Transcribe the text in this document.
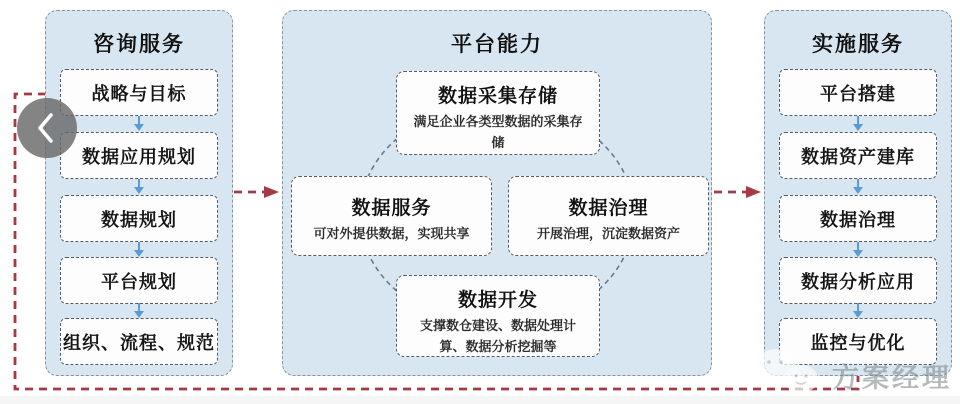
咨询服务
战略与目标
数据应用规划
数据规划
平台规划
组织、流程、规范
平台能力
数据采集存储
满足企业各类型数据的采集存储
数据服务
可对外提供数据，实现共享
数据治理
开展治理，沉淀数据资产
数据开发
支撑数仓建设、数据处理计算、数据分析挖掘等
实施服务
平台搭建
数据资产建库
数据治理
数据分析应用
监控与优化
方案经理
